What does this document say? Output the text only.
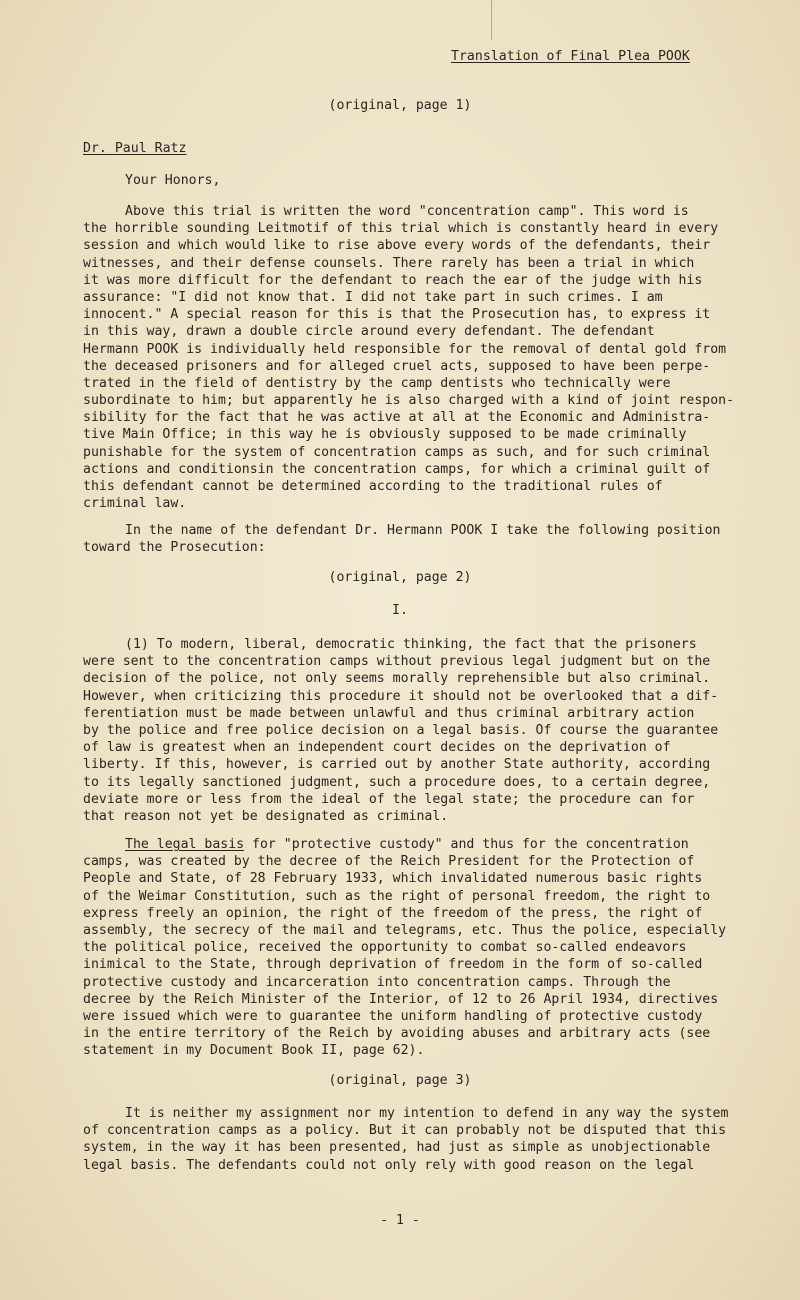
Translation of Final Plea POOK
(original, page 1)
Dr. Paul Ratz
Your Honors,
Above this trial is written the word "concentration camp". This word is
the horrible sounding Leitmotif of this trial which is constantly heard in every
session and which would like to rise above every words of the defendants, their
witnesses, and their defense counsels. There rarely has been a trial in which
it was more difficult for the defendant to reach the ear of the judge with his
assurance: "I did not know that. I did not take part in such crimes. I am
innocent." A special reason for this is that the Prosecution has, to express it
in this way, drawn a double circle around every defendant. The defendant
Hermann POOK is individually held responsible for the removal of dental gold from
the deceased prisoners and for alleged cruel acts, supposed to have been perpe-
trated in the field of dentistry by the camp dentists who technically were
subordinate to him; but apparently he is also charged with a kind of joint respon-
sibility for the fact that he was active at all at the Economic and Administra-
tive Main Office; in this way he is obviously supposed to be made criminally
punishable for the system of concentration camps as such, and for such criminal
actions and conditionsin the concentration camps, for which a criminal guilt of
this defendant cannot be determined according to the traditional rules of
criminal law.
In the name of the defendant Dr. Hermann POOK I take the following position
toward the Prosecution:
(original, page 2)
I.
(1) To modern, liberal, democratic thinking, the fact that the prisoners
were sent to the concentration camps without previous legal judgment but on the
decision of the police, not only seems morally reprehensible but also criminal.
However, when criticizing this procedure it should not be overlooked that a dif-
ferentiation must be made between unlawful and thus criminal arbitrary action
by the police and free police decision on a legal basis. Of course the guarantee
of law is greatest when an independent court decides on the deprivation of
liberty. If this, however, is carried out by another State authority, according
to its legally sanctioned judgment, such a procedure does, to a certain degree,
deviate more or less from the ideal of the legal state; the procedure can for
that reason not yet be designated as criminal.
The legal basis for "protective custody" and thus for the concentration
camps, was created by the decree of the Reich President for the Protection of
People and State, of 28 February 1933, which invalidated numerous basic rights
of the Weimar Constitution, such as the right of personal freedom, the right to
express freely an opinion, the right of the freedom of the press, the right of
assembly, the secrecy of the mail and telegrams, etc. Thus the police, especially
the political police, received the opportunity to combat so-called endeavors
inimical to the State, through deprivation of freedom in the form of so-called
protective custody and incarceration into concentration camps. Through the
decree by the Reich Minister of the Interior, of 12 to 26 April 1934, directives
were issued which were to guarantee the uniform handling of protective custody
in the entire territory of the Reich by avoiding abuses and arbitrary acts (see
statement in my Document Book II, page 62).
(original, page 3)
It is neither my assignment nor my intention to defend in any way the system
of concentration camps as a policy. But it can probably not be disputed that this
system, in the way it has been presented, had just as simple as unobjectionable
legal basis. The defendants could not only rely with good reason on the legal
- 1 -
